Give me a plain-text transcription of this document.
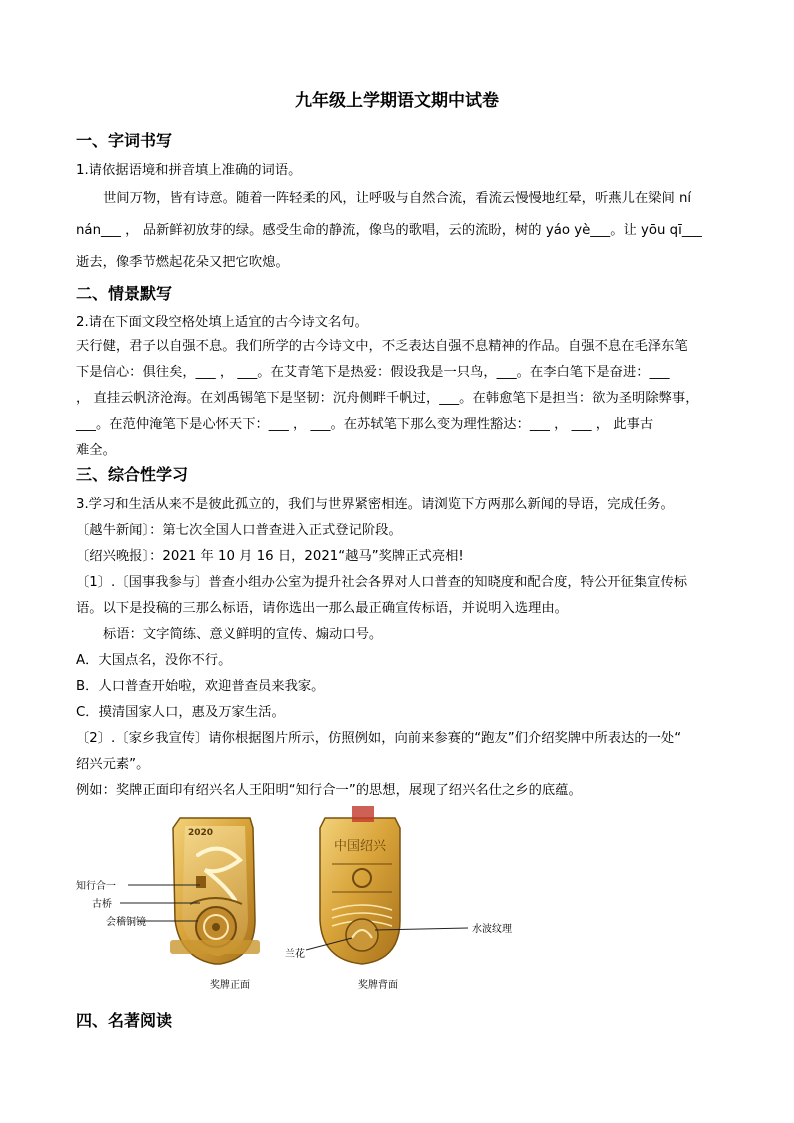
九年级上学期语文期中试卷
一、字词书写
1.请依据语境和拼音填上准确的词语。
世间万物，皆有诗意。随着一阵轻柔的风，让呼吸与自然合流，看流云慢慢地红晕，听燕儿在梁间 ní
nán___ ， 品新鲜初放芽的绿。感受生命的静流，像鸟的歌唱，云的流盼，树的 yáo yè___。让 yōu qī___
逝去，像季节燃起花朵又把它吹熄。
二、情景默写
2.请在下面文段空格处填上适宜的古今诗文名句。
天行健，君子以自强不息。我们所学的古今诗文中，不乏表达自强不息精神的作品。自强不息在毛泽东笔
下是信心：俱往矣，___ ， ___。在艾青笔下是热爱：假设我是一只鸟，___。在李白笔下是奋进：___
， 直挂云帆济沧海。在刘禹锡笔下是坚韧：沉舟侧畔千帆过，___。在韩愈笔下是担当：欲为圣明除弊事，
___。在范仲淹笔下是心怀天下：___ ， ___。在苏轼笔下那么变为理性豁达：___ ， ___ ， 此事古
难全。
三、综合性学习
3.学习和生活从来不是彼此孤立的，我们与世界紧密相连。请浏览下方两那么新闻的导语，完成任务。
〔越牛新闻〕：第七次全国人口普查进入正式登记阶段。
〔绍兴晚报〕：2021 年 10 月 16 日，2021“越马”奖牌正式亮相!
〔1〕.〔国事我参与〕普查小组办公室为提升社会各界对人口普查的知晓度和配合度，特公开征集宣传标
语。以下是投稿的三那么标语，请你选出一那么最正确宣传标语，并说明入选理由。
标语：文字简练、意义鲜明的宣传、煽动口号。
A．大国点名，没你不行。
B．人口普查开始啦，欢迎普查员来我家。
C．摸清国家人口，惠及万家生活。
〔2〕.〔家乡我宣传〕请你根据图片所示，仿照例如，向前来参赛的“跑友”们介绍奖牌中所表达的一处“
绍兴元素”。
例如：奖牌正面印有绍兴名人王阳明“知行合一”的思想，展现了绍兴名仕之乡的底蕴。
2020
中国绍兴
知行合一
古桥
会稽铜镜
兰花
水波纹理
奖牌正面	奖牌背面
四、名著阅读
